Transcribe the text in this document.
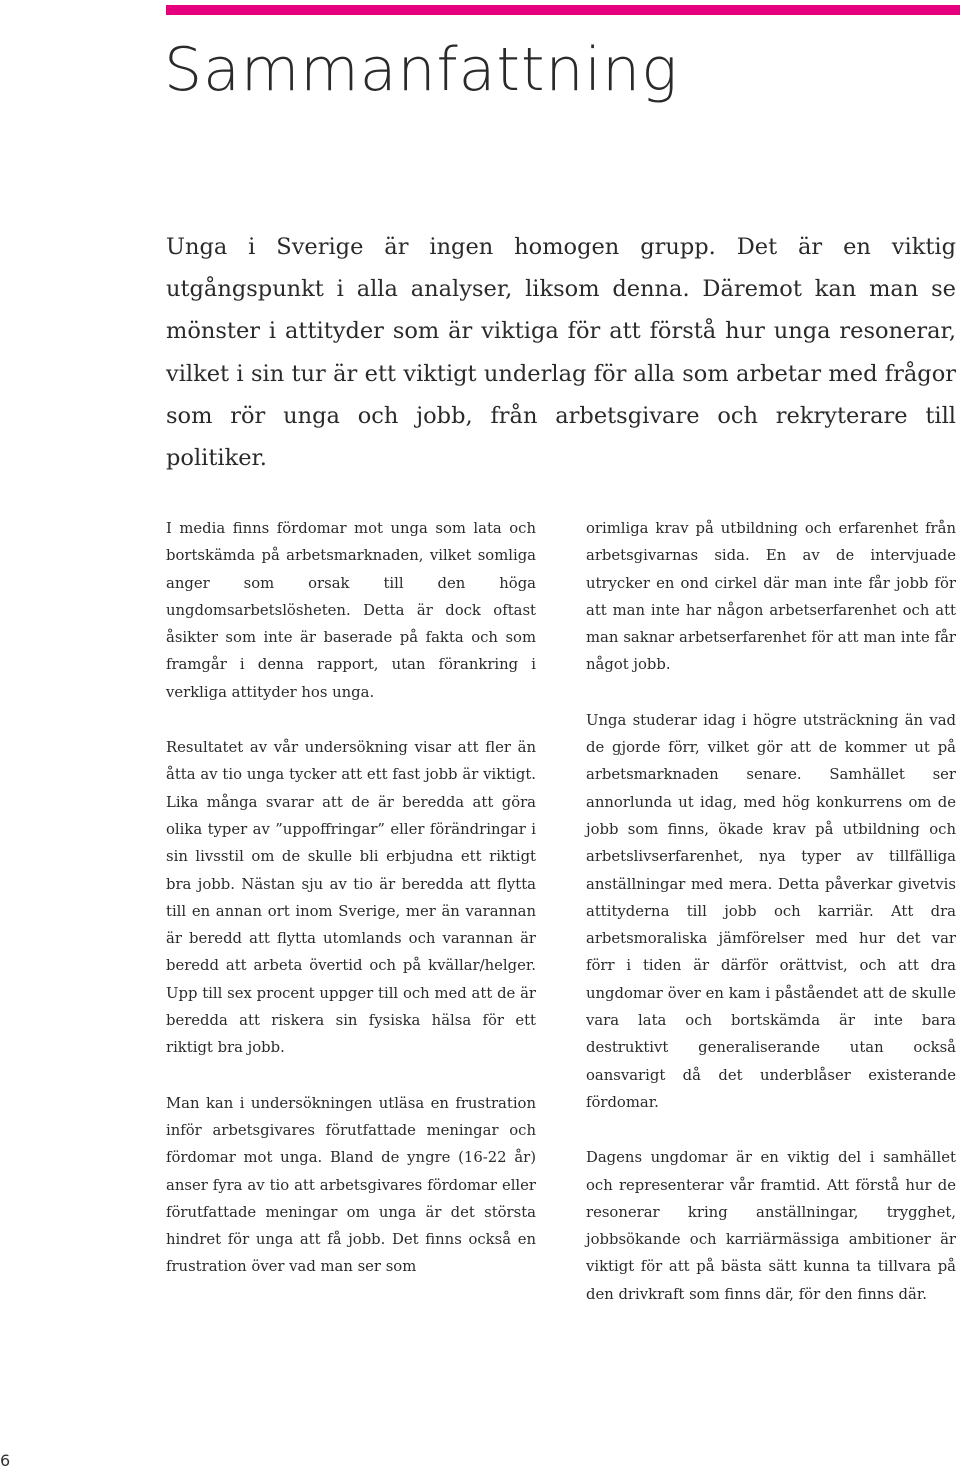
Sammanfattning

Unga i Sverige är ingen homogen grupp. Det är en viktig utgångspunkt i alla analyser, liksom denna. Däremot kan man se mönster i attityder som är viktiga för att förstå hur unga resonerar, vilket i sin tur är ett viktigt underlag för alla som arbetar med frågor som rör unga och jobb, från arbetsgivare och rekryterare till politiker.

I media finns fördomar mot unga som lata och bortskämda på arbetsmarknaden, vilket somliga anger som orsak till den höga ungdomsarbetslösheten. Detta är dock oftast åsikter som inte är baserade på fakta och som framgår i denna rapport, utan förankring i verkliga attityder hos unga.

Resultatet av vår undersökning visar att fler än åtta av tio unga tycker att ett fast jobb är viktigt. Lika många svarar att de är beredda att göra olika typer av ”uppoffringar” eller förändringar i sin livsstil om de skulle bli erbjudna ett riktigt bra jobb. Nästan sju av tio är beredda att flytta till en annan ort inom Sverige, mer än varannan är beredd att flytta utomlands och varannan är beredd att arbeta övertid och på kvällar/helger. Upp till sex procent uppger till och med att de är beredda att riskera sin fysiska hälsa för ett riktigt bra jobb.

Man kan i undersökningen utläsa en frustration inför arbetsgivares förutfattade meningar och fördomar mot unga. Bland de yngre (16-22 år) anser fyra av tio att arbetsgivares fördomar eller förutfattade meningar om unga är det största hindret för unga att få jobb. Det finns också en frustration över vad man ser som

orimliga krav på utbildning och erfarenhet från arbetsgivarnas sida. En av de intervjuade utrycker en ond cirkel där man inte får jobb för att man inte har någon arbetserfarenhet och att man saknar arbetserfarenhet för att man inte får något jobb.

Unga studerar idag i högre utsträckning än vad de gjorde förr, vilket gör att de kommer ut på arbetsmarknaden senare. Samhället ser annorlunda ut idag, med hög konkurrens om de jobb som finns, ökade krav på utbildning och arbetslivserfarenhet, nya typer av tillfälliga anställningar med mera. Detta påverkar givetvis attityderna till jobb och karriär. Att dra arbetsmoraliska jämförelser med hur det var förr i tiden är därför orättvist, och att dra ungdomar över en kam i påståendet att de skulle vara lata och bortskämda är inte bara destruktivt generaliserande utan också oansvarigt då det underblåser existerande fördomar.

Dagens ungdomar är en viktig del i samhället och representerar vår framtid. Att förstå hur de resonerar kring anställningar, trygghet, jobbsökande och karriärmässiga ambitioner är viktigt för att på bästa sätt kunna ta tillvara på den drivkraft som finns där, för den finns där.

6
